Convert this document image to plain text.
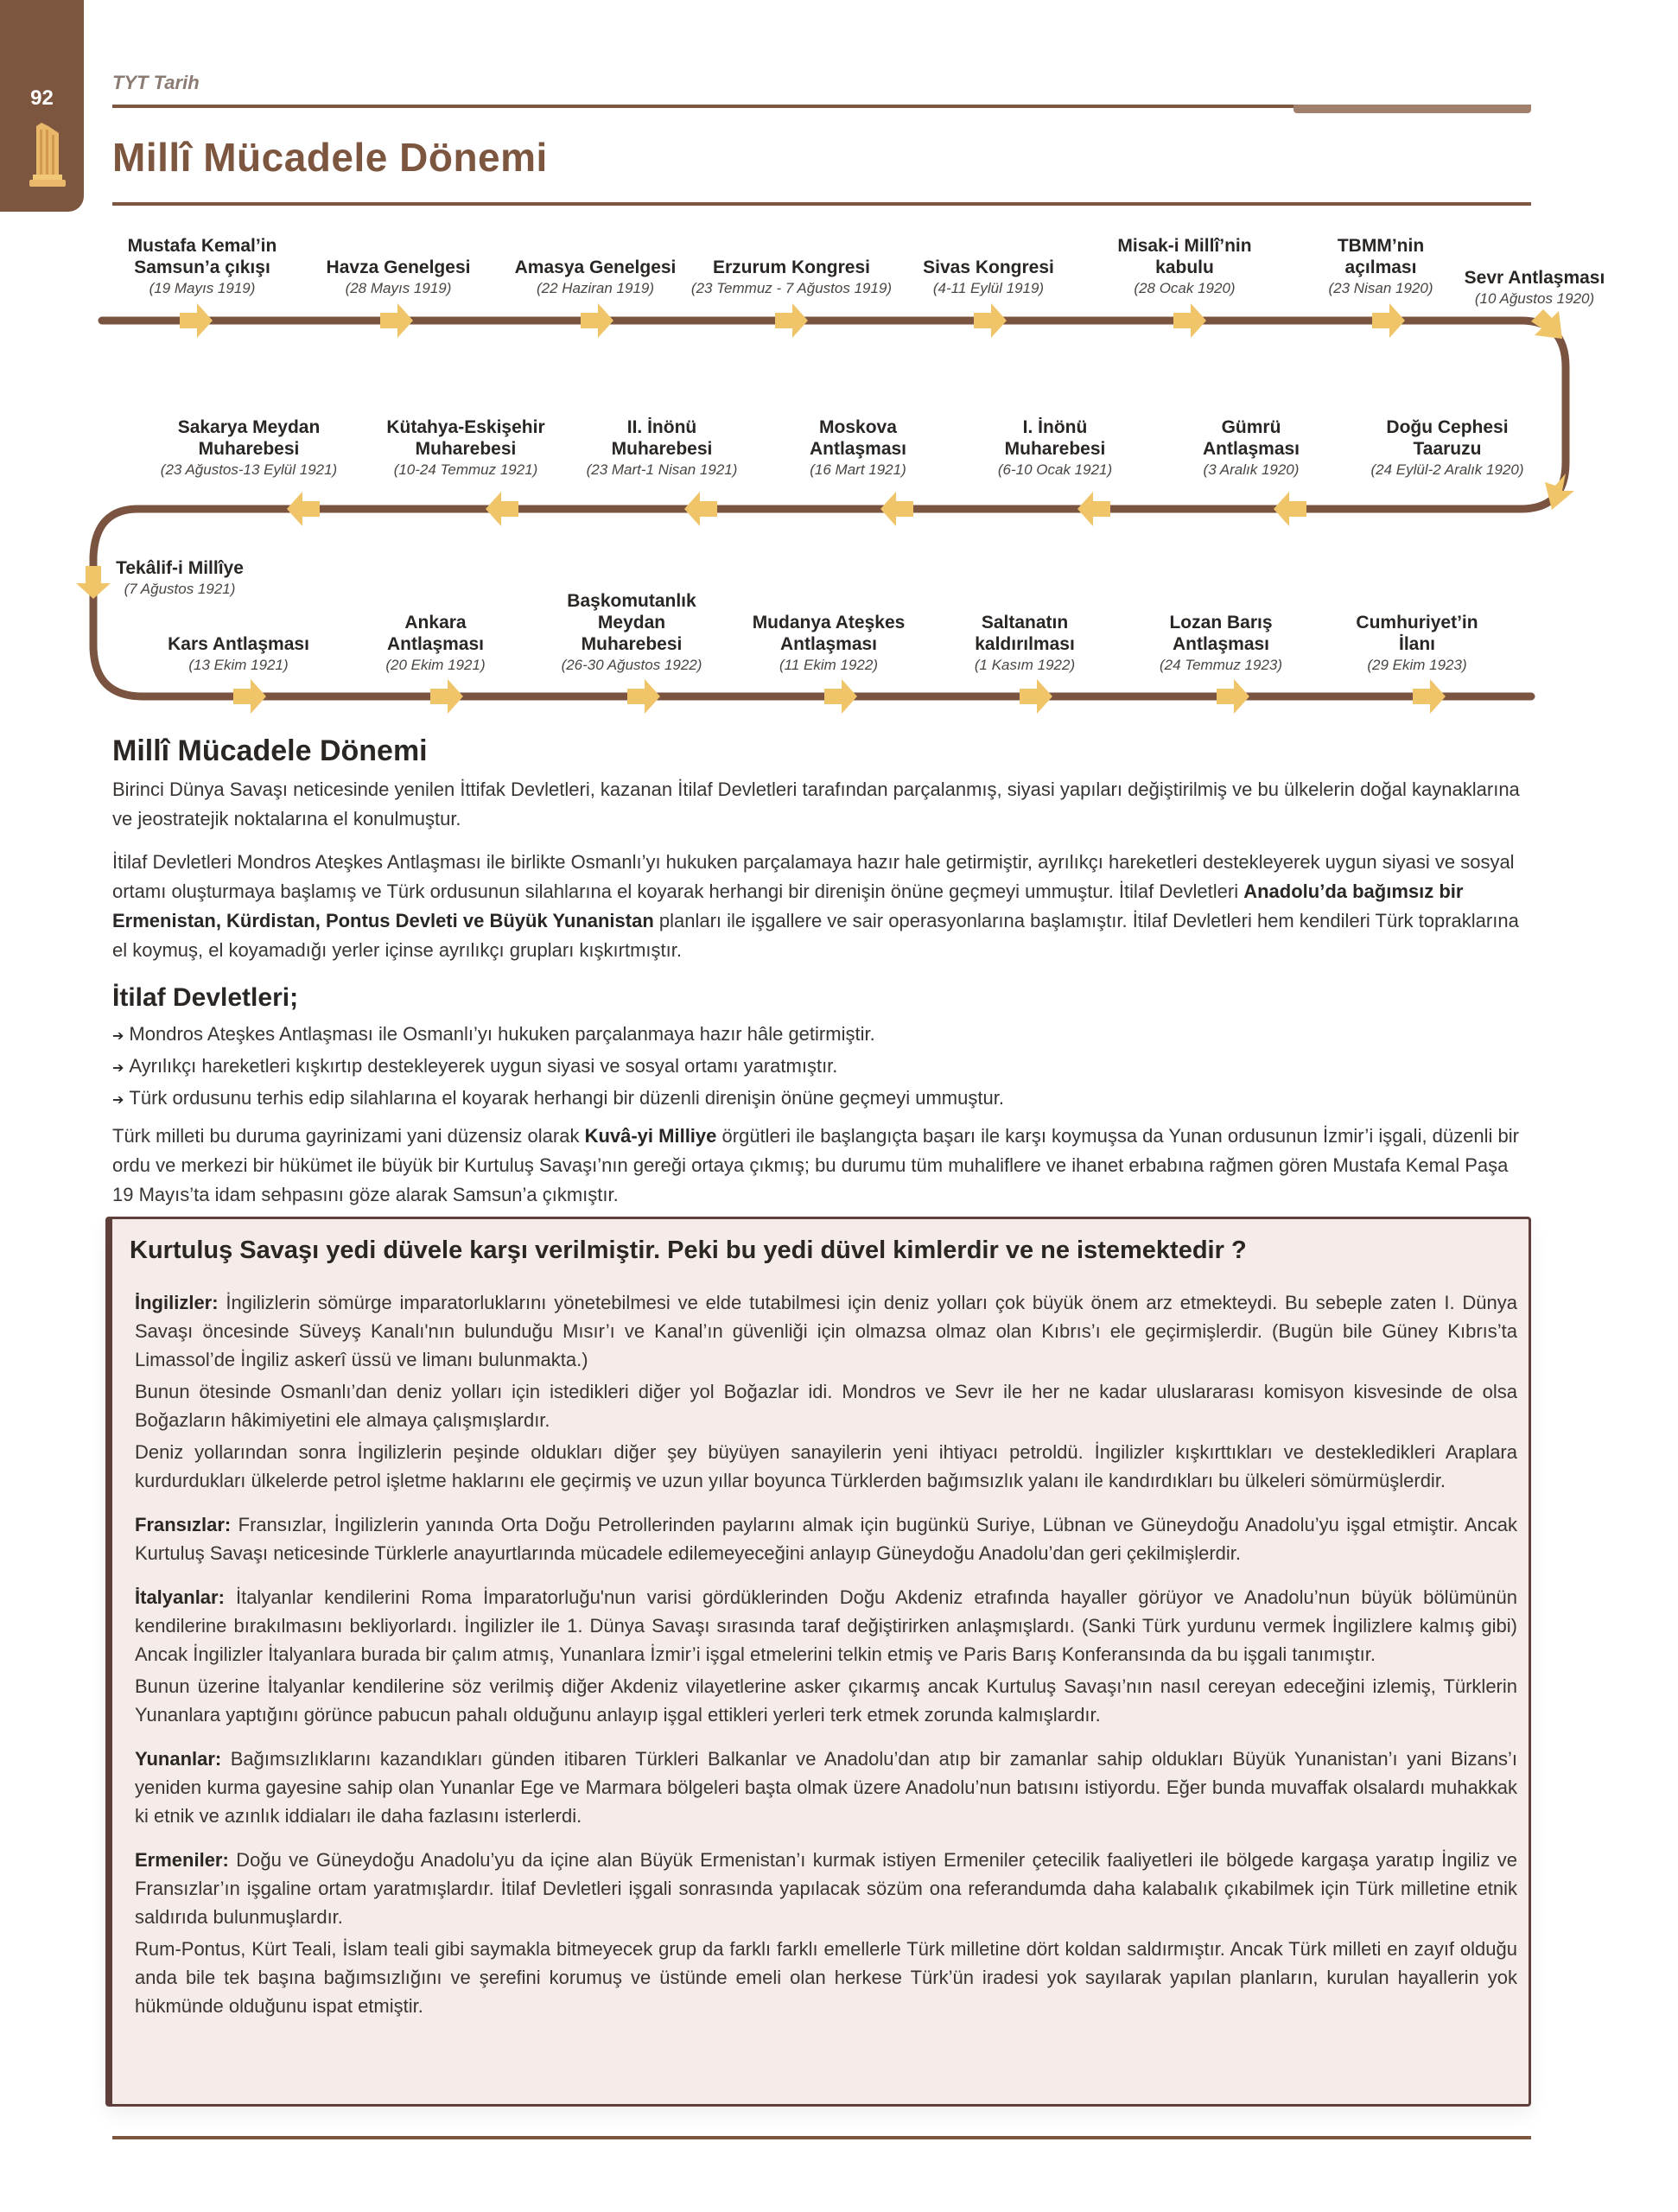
92
TYT Tarih
Millî Mücadele Dönemi
Mustafa Kemal’in
Samsun’a çıkışı
(19 Mayıs 1919)
Havza Genelgesi
(28 Mayıs 1919)
Amasya Genelgesi
(22 Haziran 1919)
Erzurum Kongresi
(23 Temmuz - 7 Ağustos 1919)
Sivas Kongresi
(4-11 Eylül 1919)
Misak-i Millî’nin
kabulu
(28 Ocak 1920)
TBMM’nin
açılması
(23 Nisan 1920)
Sevr Antlaşması
(10 Ağustos 1920)
Sakarya Meydan
Muharebesi
(23 Ağustos-13 Eylül 1921)
Kütahya-Eskişehir
Muharebesi
(10-24 Temmuz 1921)
II. İnönü
Muharebesi
(23 Mart-1 Nisan 1921)
Moskova
Antlaşması
(16 Mart 1921)
I. İnönü
Muharebesi
(6-10 Ocak 1921)
Gümrü
Antlaşması
(3 Aralık 1920)
Doğu Cephesi
Taaruzu
(24 Eylül-2 Aralık 1920)
Tekâlif-i Millîye
(7 Ağustos 1921)
Kars Antlaşması
(13 Ekim 1921)
Ankara
Antlaşması
(20 Ekim 1921)
Başkomutanlık
Meydan
Muharebesi
(26-30 Ağustos 1922)
Mudanya Ateşkes
Antlaşması
(11 Ekim 1922)
Saltanatın
kaldırılması
(1 Kasım 1922)
Lozan Barış
Antlaşması
(24 Temmuz 1923)
Cumhuriyet’in
İlanı
(29 Ekim 1923)
Millî Mücadele Dönemi

Birinci Dünya Savaşı neticesinde yenilen İttifak Devletleri, kazanan İtilaf Devletleri tarafından parçalanmış, siyasi yapıları değiştirilmiş ve bu ülkelerin doğal kaynaklarına ve jeostratejik noktalarına el konulmuştur.

İtilaf Devletleri Mondros Ateşkes Antlaşması ile birlikte Osmanlı’yı hukuken parçalamaya hazır hale getirmiştir, ayrılıkçı hareketleri destekleyerek uygun siyasi ve sosyal ortamı oluşturmaya başlamış ve Türk ordusunun silahlarına el koyarak herhangi bir direnişin önüne geçmeyi ummuştur. İtilaf Devletleri Anadolu’da bağımsız bir Ermenistan, Kürdistan, Pontus Devleti ve Büyük Yunanistan planları ile işgallere ve sair operasyonlarına başlamıştır. İtilaf Devletleri hem kendileri Türk topraklarına el koymuş, el koyamadığı yerler içinse ayrılıkçı grupları kışkırtmıştır.

İtilaf Devletleri;
➔ Mondros Ateşkes Antlaşması ile Osmanlı’yı hukuken parçalanmaya hazır hâle getirmiştir.
➔ Ayrılıkçı hareketleri kışkırtıp destekleyerek uygun siyasi ve sosyal ortamı yaratmıştır.
➔ Türk ordusunu terhis edip silahlarına el koyarak herhangi bir düzenli direnişin önüne geçmeyi ummuştur.

Türk milleti bu duruma gayrinizami yani düzensiz olarak Kuvâ-yi Milliye örgütleri ile başlangıçta başarı ile karşı koymuşsa da Yunan ordusunun İzmir’i işgali, düzenli bir ordu ve merkezi bir hükümet ile büyük bir Kurtuluş Savaşı’nın gereği ortaya çıkmış; bu durumu tüm muhaliflere ve ihanet erbabına rağmen gören Mustafa Kemal Paşa 19 Mayıs’ta idam sehpasını göze alarak Samsun’a çıkmıştır.

Kurtuluş Savaşı yedi düvele karşı verilmiştir. Peki bu yedi düvel kimlerdir ve ne istemektedir ?

İngilizler: İngilizlerin sömürge imparatorluklarını yönetebilmesi ve elde tutabilmesi için deniz yolları çok büyük önem arz etmekteydi. Bu sebeple zaten I. Dünya Savaşı öncesinde Süveyş Kanalı'nın bulunduğu Mısır’ı ve Kanal’ın güvenliği için olmazsa olmaz olan Kıbrıs’ı ele geçirmişlerdir. (Bugün bile Güney Kıbrıs’ta Limassol’de İngiliz askerî üssü ve limanı bulunmakta.)

Bunun ötesinde Osmanlı’dan deniz yolları için istedikleri diğer yol Boğazlar idi. Mondros ve Sevr ile her ne kadar uluslararası komisyon kisvesinde de olsa Boğazların hâkimiyetini ele almaya çalışmışlardır.

Deniz yollarından sonra İngilizlerin peşinde oldukları diğer şey büyüyen sanayilerin yeni ihtiyacı petroldü. İngilizler kışkırttıkları ve destekledikleri Araplara kurdurdukları ülkelerde petrol işletme haklarını ele geçirmiş ve uzun yıllar boyunca Türklerden bağımsızlık yalanı ile kandırdıkları bu ülkeleri sömürmüşlerdir.

Fransızlar: Fransızlar, İngilizlerin yanında Orta Doğu Petrollerinden paylarını almak için bugünkü Suriye, Lübnan ve Güneydoğu Anadolu’yu işgal etmiştir. Ancak Kurtuluş Savaşı neticesinde Türklerle anayurtlarında mücadele edilemeyeceğini anlayıp Güneydoğu Anadolu’dan geri çekilmişlerdir.

İtalyanlar: İtalyanlar kendilerini Roma İmparatorluğu'nun varisi gördüklerinden Doğu Akdeniz etrafında hayaller görüyor ve Anadolu’nun büyük bölümünün kendilerine bırakılmasını bekliyorlardı. İngilizler ile 1. Dünya Savaşı sırasında taraf değiştirirken anlaşmışlardı. (Sanki Türk yurdunu vermek İngilizlere kalmış gibi) Ancak İngilizler İtalyanlara burada bir çalım atmış, Yunanlara İzmir’i işgal etmelerini telkin etmiş ve Paris Barış Konferansında da bu işgali tanımıştır.

Bunun üzerine İtalyanlar kendilerine söz verilmiş diğer Akdeniz vilayetlerine asker çıkarmış ancak Kurtuluş Savaşı’nın nasıl cereyan edeceğini izlemiş, Türklerin Yunanlara yaptığını görünce pabucun pahalı olduğunu anlayıp işgal ettikleri yerleri terk etmek zorunda kalmışlardır.

Yunanlar: Bağımsızlıklarını kazandıkları günden itibaren Türkleri Balkanlar ve Anadolu’dan atıp bir zamanlar sahip oldukları Büyük Yunanistan’ı yani Bizans’ı yeniden kurma gayesine sahip olan Yunanlar Ege ve Marmara bölgeleri başta olmak üzere Anadolu’nun batısını istiyordu. Eğer bunda muvaffak olsalardı muhakkak ki etnik ve azınlık iddiaları ile daha fazlasını isterlerdi.

Ermeniler: Doğu ve Güneydoğu Anadolu’yu da içine alan Büyük Ermenistan’ı kurmak istiyen Ermeniler çetecilik faaliyetleri ile bölgede kargaşa yaratıp İngiliz ve Fransızlar’ın işgaline ortam yaratmışlardır. İtilaf Devletleri işgali sonrasında yapılacak sözüm ona referandumda daha kalabalık çıkabilmek için Türk milletine etnik saldırıda bulunmuşlardır.

Rum-Pontus, Kürt Teali, İslam teali gibi saymakla bitmeyecek grup da farklı farklı emellerle Türk milletine dört koldan saldırmıştır. Ancak Türk milleti en zayıf olduğu anda bile tek başına bağımsızlığını ve şerefini korumuş ve üstünde emeli olan herkese Türk’ün iradesi yok sayılarak yapılan planların, kurulan hayallerin yok hükmünde olduğunu ispat etmiştir.
